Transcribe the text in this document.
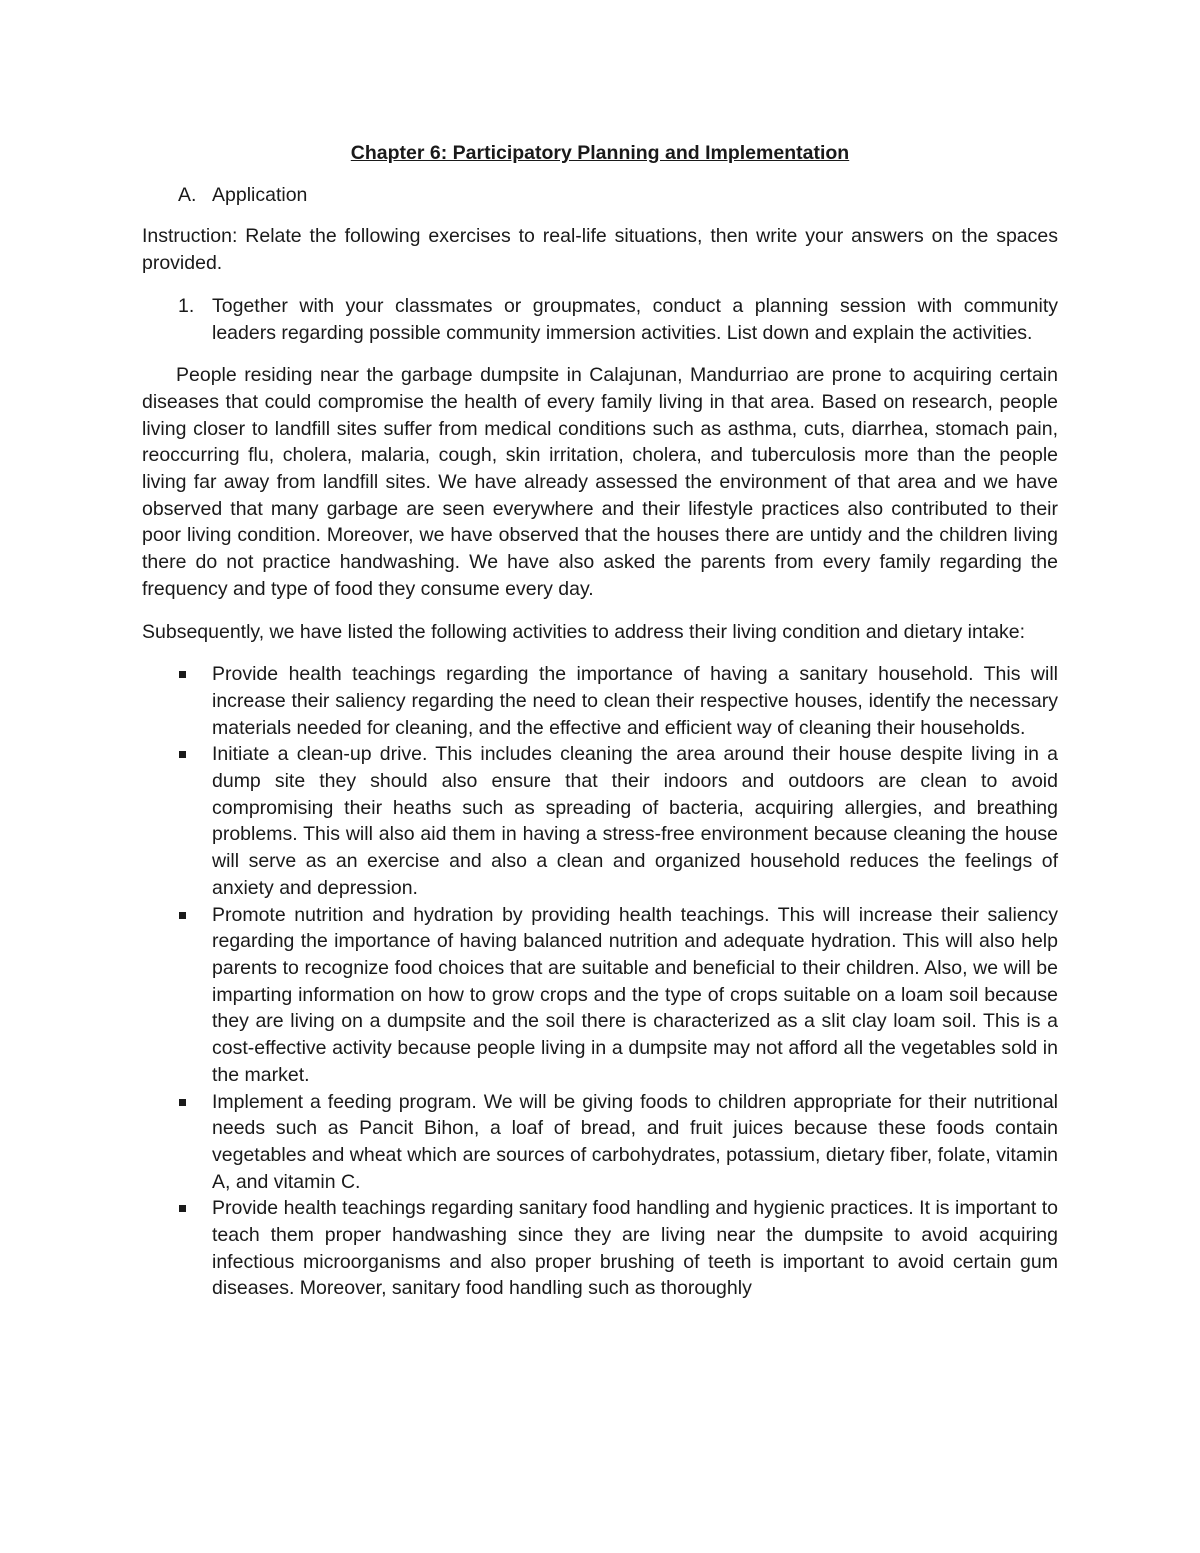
Chapter 6: Participatory Planning and Implementation
A. Application

Instruction: Relate the following exercises to real-life situations, then write your answers on the spaces provided.

1. Together with your classmates or groupmates, conduct a planning session with community leaders regarding possible community immersion activities. List down and explain the activities.

People residing near the garbage dumpsite in Calajunan, Mandurriao are prone to acquiring certain diseases that could compromise the health of every family living in that area. Based on research, people living closer to landfill sites suffer from medical conditions such as asthma, cuts, diarrhea, stomach pain, reoccurring flu, cholera, malaria, cough, skin irritation, cholera, and tuberculosis more than the people living far away from landfill sites. We have already assessed the environment of that area and we have observed that many garbage are seen everywhere and their lifestyle practices also contributed to their poor living condition. Moreover, we have observed that the houses there are untidy and the children living there do not practice handwashing. We have also asked the parents from every family regarding the frequency and type of food they consume every day.

Subsequently, we have listed the following activities to address their living condition and dietary intake:

Provide health teachings regarding the importance of having a sanitary household. This will increase their saliency regarding the need to clean their respective houses, identify the necessary materials needed for cleaning, and the effective and efficient way of cleaning their households.
Initiate a clean-up drive. This includes cleaning the area around their house despite living in a dump site they should also ensure that their indoors and outdoors are clean to avoid compromising their heaths such as spreading of bacteria, acquiring allergies, and breathing problems. This will also aid them in having a stress-free environment because cleaning the house will serve as an exercise and also a clean and organized household reduces the feelings of anxiety and depression.
Promote nutrition and hydration by providing health teachings. This will increase their saliency regarding the importance of having balanced nutrition and adequate hydration. This will also help parents to recognize food choices that are suitable and beneficial to their children. Also, we will be imparting information on how to grow crops and the type of crops suitable on a loam soil because they are living on a dumpsite and the soil there is characterized as a slit clay loam soil. This is a cost-effective activity because people living in a dumpsite may not afford all the vegetables sold in the market.
Implement a feeding program. We will be giving foods to children appropriate for their nutritional needs such as Pancit Bihon, a loaf of bread, and fruit juices because these foods contain vegetables and wheat which are sources of carbohydrates, potassium, dietary fiber, folate, vitamin A, and vitamin C.
Provide health teachings regarding sanitary food handling and hygienic practices. It is important to teach them proper handwashing since they are living near the dumpsite to avoid acquiring infectious microorganisms and also proper brushing of teeth is important to avoid certain gum diseases. Moreover, sanitary food handling such as thoroughly
